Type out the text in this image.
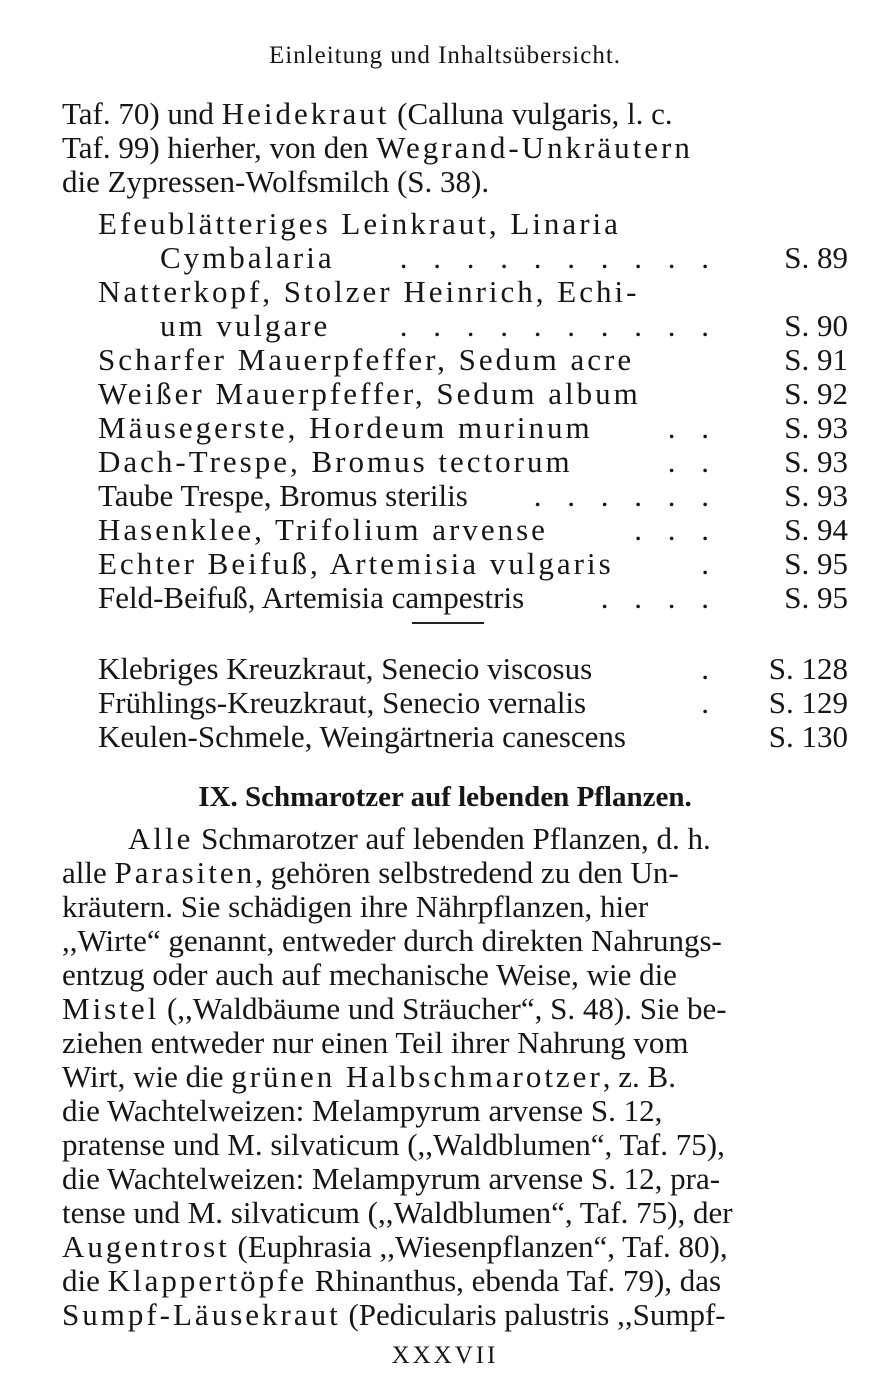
Einleitung und Inhaltsübersicht.
Taf. 70) und Heidekraut (Calluna vulgaris, l. c.
Taf. 99) hierher, von den Wegrand-Unkräutern
die Zypressen-Wolfsmilch (S. 38).
Efeublätteriges Leinkraut, Linaria
Cymbalaria . . . . . . . . . .	S. 89
Natterkopf, Stolzer Heinrich, Echi-
um vulgare . . . . . . . . . .	S. 90
Scharfer Mauerpfeffer, Sedum acre	S. 91
Weißer Mauerpfeffer, Sedum album	S. 92
Mäusegerste, Hordeum murinum . .	S. 93
Dach-Trespe, Bromus tectorum	. .	S. 93
Taube Trespe, Bromus sterilis . . . . . .	S. 93
Hasenklee, Trifolium arvense	. . .	S. 94
Echter Beifuß, Artemisia vulgaris	.	S. 95
Feld-Beifuß, Artemisia campestris . . . .	S. 95
Klebriges Kreuzkraut, Senecio viscosus	.	S. 128
Frühlings-Kreuzkraut, Senecio vernalis	.	S. 129
Keulen-Schmele, Weingärtneria canescens	S. 130
IX. Schmarotzer auf lebenden Pflanzen.
Alle Schmarotzer auf lebenden Pflanzen, d. h.
alle Parasiten, gehören selbstredend zu den Un-
kräutern. Sie schädigen ihre Nährpflanzen, hier
,,Wirte“ genannt, entweder durch direkten Nahrungs-
entzug oder auch auf mechanische Weise, wie die
Mistel (,,Waldbäume und Sträucher“, S. 48). Sie be-
ziehen entweder nur einen Teil ihrer Nahrung vom
Wirt, wie die grünen Halbschmarotzer, z. B.
die Wachtelweizen: Melampyrum arvense S. 12,
pratense und M. silvaticum (,,Waldblumen“, Taf. 75),
die Wachtelweizen: Melampyrum arvense S. 12, pra-
tense und M. silvaticum (,,Waldblumen“, Taf. 75), der
Augentrost (Euphrasia ,,Wiesenpflanzen“, Taf. 80),
die Klappertöpfe Rhinanthus, ebenda Taf. 79), das
Sumpf-Läusekraut (Pedicularis palustris ,,Sumpf-
XXXVII
